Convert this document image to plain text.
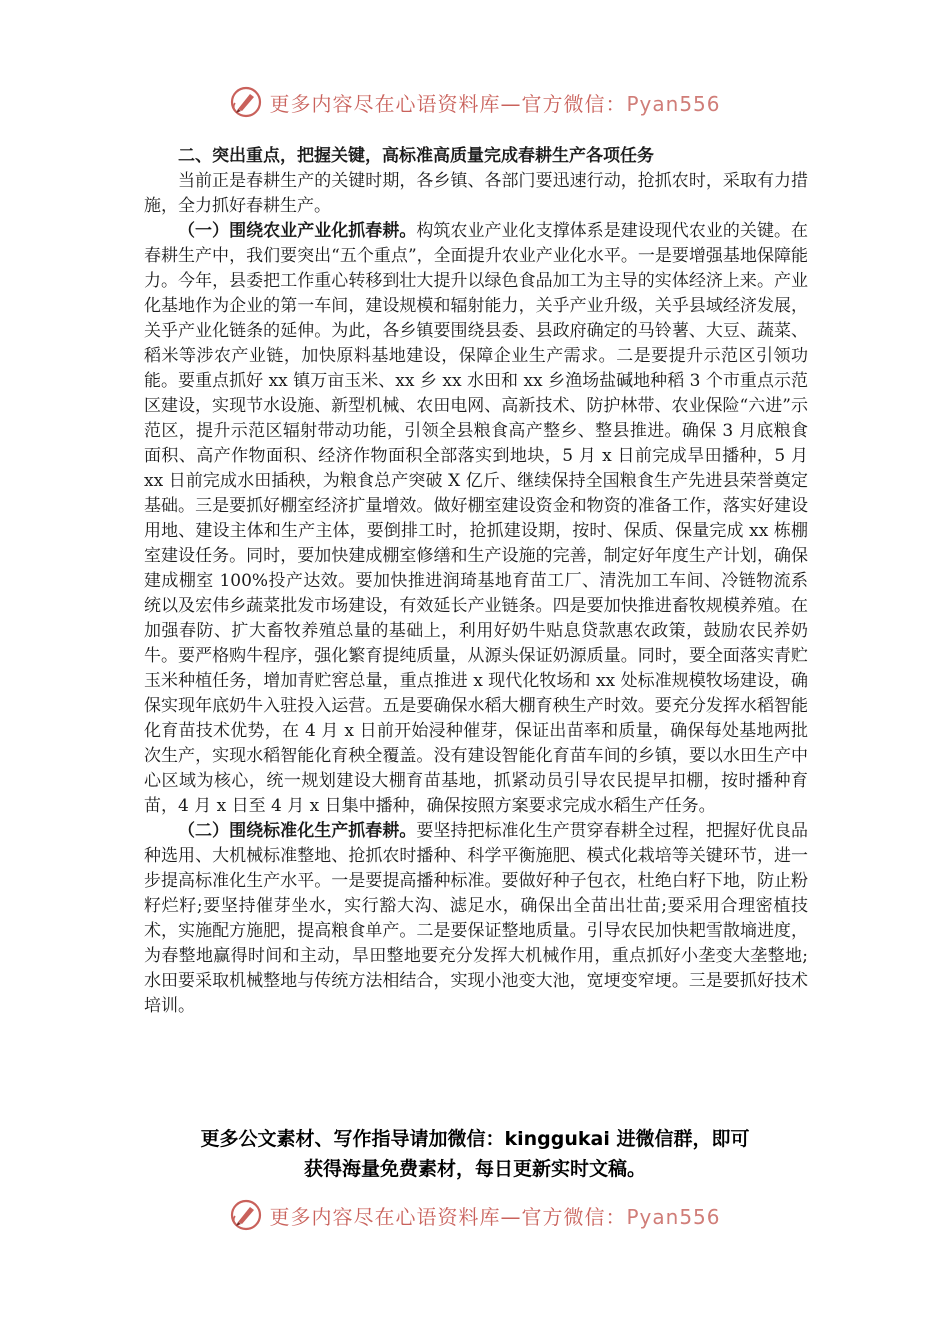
更多内容尽在心语资料库—官方微信：Pyan556

二、突出重点，把握关键，高标准高质量完成春耕生产各项任务

当前正是春耕生产的关键时期，各乡镇、各部门要迅速行动，抢抓农时，采取有力措施，全力抓好春耕生产。

（一）围绕农业产业化抓春耕。构筑农业产业化支撑体系是建设现代农业的关键。在春耕生产中，我们要突出“五个重点”，全面提升农业产业化水平。一是要增强基地保障能力。今年，县委把工作重心转移到壮大提升以绿色食品加工为主导的实体经济上来。产业化基地作为企业的第一车间，建设规模和辐射能力，关乎产业升级，关乎县域经济发展，关乎产业化链条的延伸。为此，各乡镇要围绕县委、县政府确定的马铃薯、大豆、蔬菜、稻米等涉农产业链，加快原料基地建设，保障企业生产需求。二是要提升示范区引领功能。要重点抓好 xx 镇万亩玉米、xx 乡 xx 水田和 xx 乡渔场盐碱地种稻 3 个市重点示范区建设，实现节水设施、新型机械、农田电网、高新技术、防护林带、农业保险“六进”示范区，提升示范区辐射带动功能，引领全县粮食高产整乡、整县推进。确保 3 月底粮食面积、高产作物面积、经济作物面积全部落实到地块，5 月 x 日前完成旱田播种，5 月 xx 日前完成水田插秧，为粮食总产突破 X 亿斤、继续保持全国粮食生产先进县荣誉奠定基础。三是要抓好棚室经济扩量增效。做好棚室建设资金和物资的准备工作，落实好建设用地、建设主体和生产主体，要倒排工时，抢抓建设期，按时、保质、保量完成 xx 栋棚室建设任务。同时，要加快建成棚室修缮和生产设施的完善，制定好年度生产计划，确保建成棚室 100%投产达效。要加快推进润琦基地育苗工厂、清洗加工车间、冷链物流系统以及宏伟乡蔬菜批发市场建设，有效延长产业链条。四是要加快推进畜牧规模养殖。在加强春防、扩大畜牧养殖总量的基础上，利用好奶牛贴息贷款惠农政策，鼓励农民养奶牛。要严格购牛程序，强化繁育提纯质量，从源头保证奶源质量。同时，要全面落实青贮玉米种植任务，增加青贮窖总量，重点推进 x 现代化牧场和 xx 处标准规模牧场建设，确保实现年底奶牛入驻投入运营。五是要确保水稻大棚育秧生产时效。要充分发挥水稻智能化育苗技术优势，在 4 月 x 日前开始浸种催芽，保证出苗率和质量，确保每处基地两批次生产，实现水稻智能化育秧全覆盖。没有建设智能化育苗车间的乡镇，要以水田生产中心区域为核心，统一规划建设大棚育苗基地，抓紧动员引导农民提早扣棚，按时播种育苗，4 月 x 日至 4 月 x 日集中播种，确保按照方案要求完成水稻生产任务。

（二）围绕标准化生产抓春耕。要坚持把标准化生产贯穿春耕全过程，把握好优良品种选用、大机械标准整地、抢抓农时播种、科学平衡施肥、模式化栽培等关键环节，进一步提高标准化生产水平。一是要提高播种标准。要做好种子包衣，杜绝白籽下地，防止粉籽烂籽;要坚持催芽坐水，实行豁大沟、滤足水，确保出全苗出壮苗;要采用合理密植技术，实施配方施肥，提高粮食单产。二是要保证整地质量。引导农民加快耙雪散墒进度，为春整地赢得时间和主动，旱田整地要充分发挥大机械作用，重点抓好小垄变大垄整地;水田要采取机械整地与传统方法相结合，实现小池变大池，宽埂变窄埂。三是要抓好技术培训。

更多公文素材、写作指导请加微信：kinggukai 进微信群，即可
获得海量免费素材，每日更新实时文稿。
更多内容尽在心语资料库—官方微信：Pyan556
